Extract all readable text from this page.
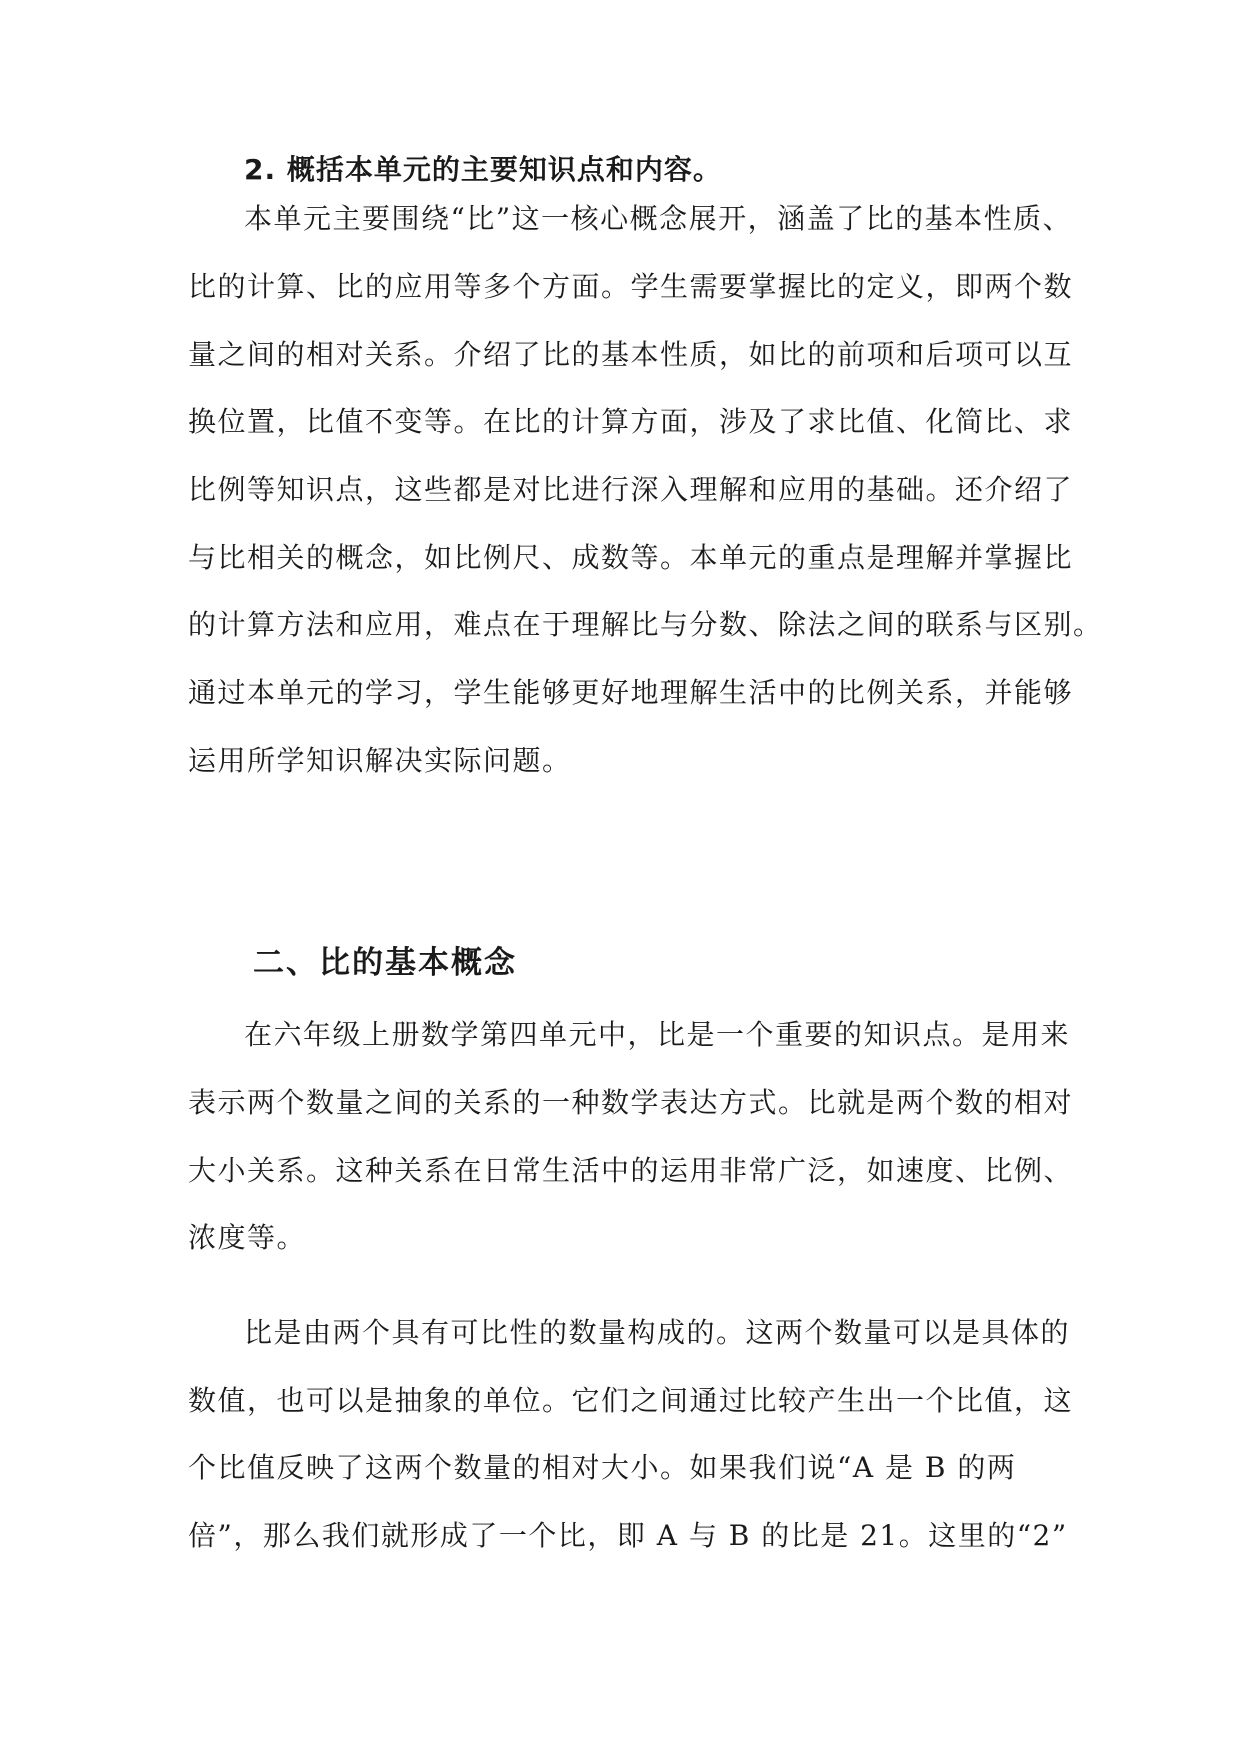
2. 概括本单元的主要知识点和内容。
本单元主要围绕“比”这一核心概念展开，涵盖了比的基本性质、
比的计算、比的应用等多个方面。学生需要掌握比的定义，即两个数
量之间的相对关系。介绍了比的基本性质，如比的前项和后项可以互
换位置，比值不变等。在比的计算方面，涉及了求比值、化简比、求
比例等知识点，这些都是对比进行深入理解和应用的基础。还介绍了
与比相关的概念，如比例尺、成数等。本单元的重点是理解并掌握比
的计算方法和应用，难点在于理解比与分数、除法之间的联系与区别。
通过本单元的学习，学生能够更好地理解生活中的比例关系，并能够
运用所学知识解决实际问题。
二、比的基本概念
在六年级上册数学第四单元中，比是一个重要的知识点。是用来
表示两个数量之间的关系的一种数学表达方式。比就是两个数的相对
大小关系。这种关系在日常生活中的运用非常广泛，如速度、比例、
浓度等。
比是由两个具有可比性的数量构成的。这两个数量可以是具体的
数值，也可以是抽象的单位。它们之间通过比较产生出一个比值，这
个比值反映了这两个数量的相对大小。如果我们说“A 是 B 的两
倍”，那么我们就形成了一个比，即 A 与 B 的比是 21。这里的“2”
